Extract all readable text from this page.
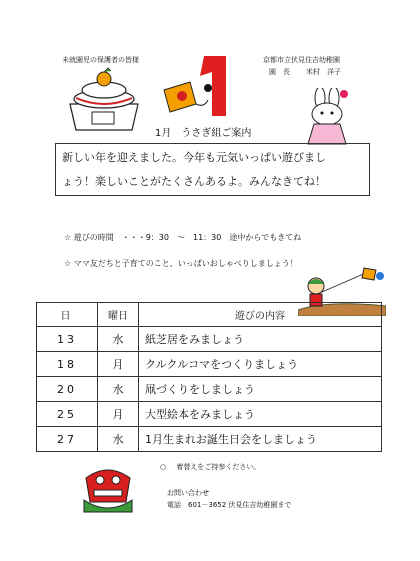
未就園児の保護者の皆様	京都市立伏見住吉幼稚園
園　長 米村　洋子
1月　うさぎ組ご案内
新しい年を迎えました。今年も元気いっぱい遊びまし
ょう！楽しいことがたくさんあるよ。みんなきてね！
☆ 遊びの時間　・・・9：30　～　11：30　途中からでもきてね
☆ ママ友だちと子育てのこと、いっぱいおしゃべりしましょう！
日	曜日	遊びの内容
13	水	紙芝居をみましょう
18	月	クルクルコマをつくりましょう
20	水	凧づくりをしましょう
25	月	大型絵本をみましょう
27	水	1月生まれお誕生日会をしましょう
○ 着替えをご持参ください。
お問い合わせ
電話　601－3652 伏見住吉幼稚園まで
